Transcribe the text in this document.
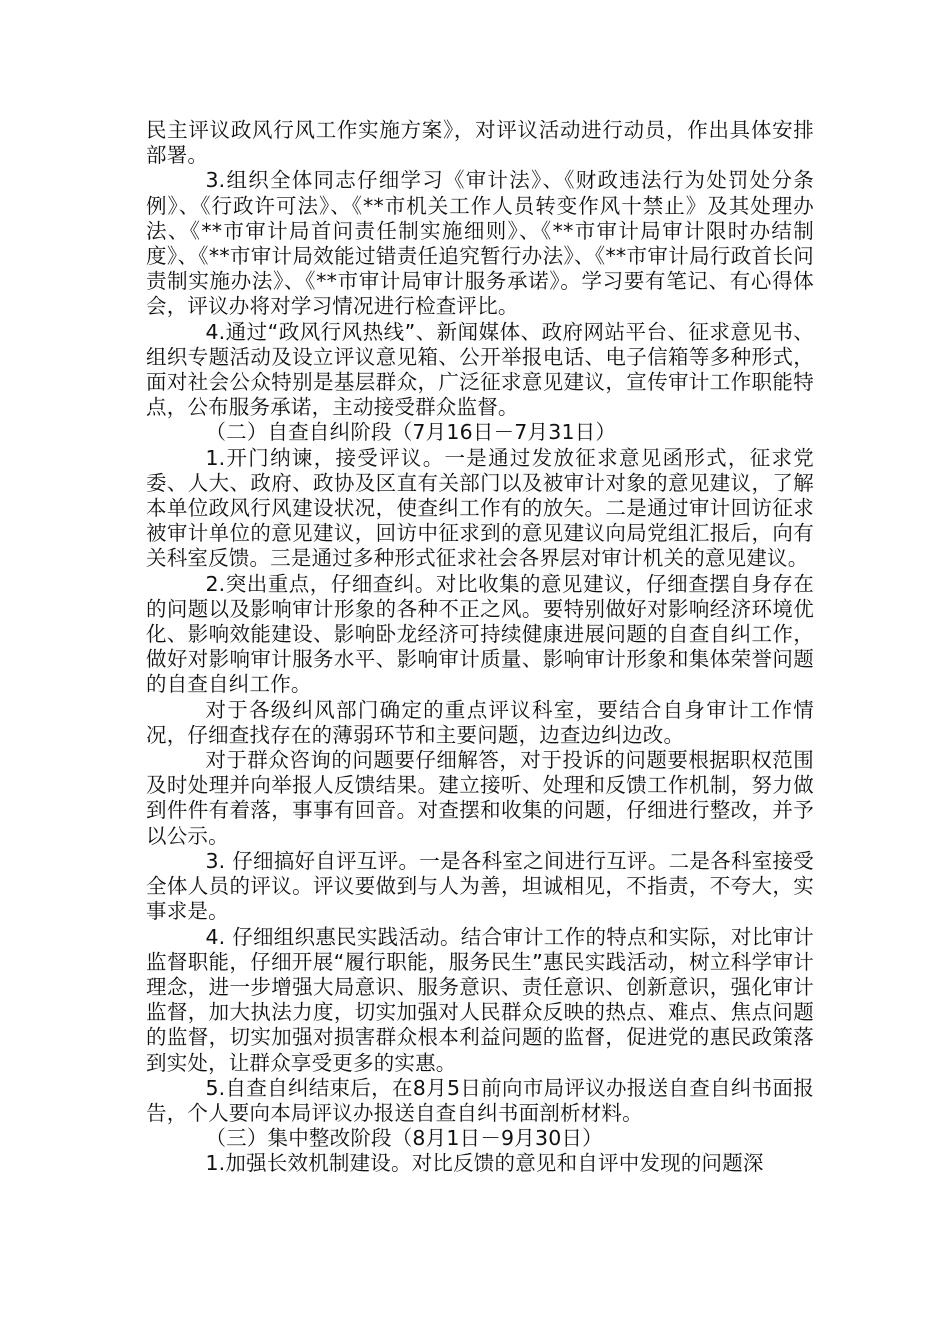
民主评议政风行风工作实施方案》，对评议活动进行动员，作出具体安排部署。

3.组织全体同志仔细学习《审计法》、《财政违法行为处罚处分条例》、《行政许可法》、《**市机关工作人员转变作风十禁止》及其处理办法、《**市审计局首问责任制实施细则》、《**市审计局审计限时办结制度》、《**市审计局效能过错责任追究暂行办法》、《**市审计局行政首长问责制实施办法》、《**市审计局审计服务承诺》。学习要有笔记、有心得体会，评议办将对学习情况进行检查评比。

4.通过“政风行风热线”、新闻媒体、政府网站平台、征求意见书、组织专题活动及设立评议意见箱、公开举报电话、电子信箱等多种形式，面对社会公众特别是基层群众，广泛征求意见建议，宣传审计工作职能特点，公布服务承诺，主动接受群众监督。

（二）自查自纠阶段（7月16日－7月31日）

1.开门纳谏，接受评议。一是通过发放征求意见函形式，征求党委、人大、政府、政协及区直有关部门以及被审计对象的意见建议，了解本单位政风行风建设状况，使查纠工作有的放矢。二是通过审计回访征求被审计单位的意见建议，回访中征求到的意见建议向局党组汇报后，向有关科室反馈。三是通过多种形式征求社会各界层对审计机关的意见建议。

2.突出重点，仔细查纠。对比收集的意见建议，仔细查摆自身存在的问题以及影响审计形象的各种不正之风。要特别做好对影响经济环境优化、影响效能建设、影响卧龙经济可持续健康进展问题的自查自纠工作，做好对影响审计服务水平、影响审计质量、影响审计形象和集体荣誉问题的自查自纠工作。

对于各级纠风部门确定的重点评议科室，要结合自身审计工作情况，仔细查找存在的薄弱环节和主要问题，边查边纠边改。

对于群众咨询的问题要仔细解答，对于投诉的问题要根据职权范围及时处理并向举报人反馈结果。建立接听、处理和反馈工作机制，努力做到件件有着落，事事有回音。对查摆和收集的问题，仔细进行整改，并予以公示。

3. 仔细搞好自评互评。一是各科室之间进行互评。二是各科室接受全体人员的评议。评议要做到与人为善，坦诚相见，不指责，不夸大，实事求是。

4. 仔细组织惠民实践活动。结合审计工作的特点和实际，对比审计监督职能，仔细开展“履行职能，服务民生”惠民实践活动，树立科学审计理念，进一步增强大局意识、服务意识、责任意识、创新意识，强化审计监督，加大执法力度，切实加强对人民群众反映的热点、难点、焦点问题的监督，切实加强对损害群众根本利益问题的监督，促进党的惠民政策落到实处，让群众享受更多的实惠。

5.自查自纠结束后，在8月5日前向市局评议办报送自查自纠书面报告，个人要向本局评议办报送自查自纠书面剖析材料。

（三）集中整改阶段（8月1日－9月30日）

1.加强长效机制建设。对比反馈的意见和自评中发现的问题深
